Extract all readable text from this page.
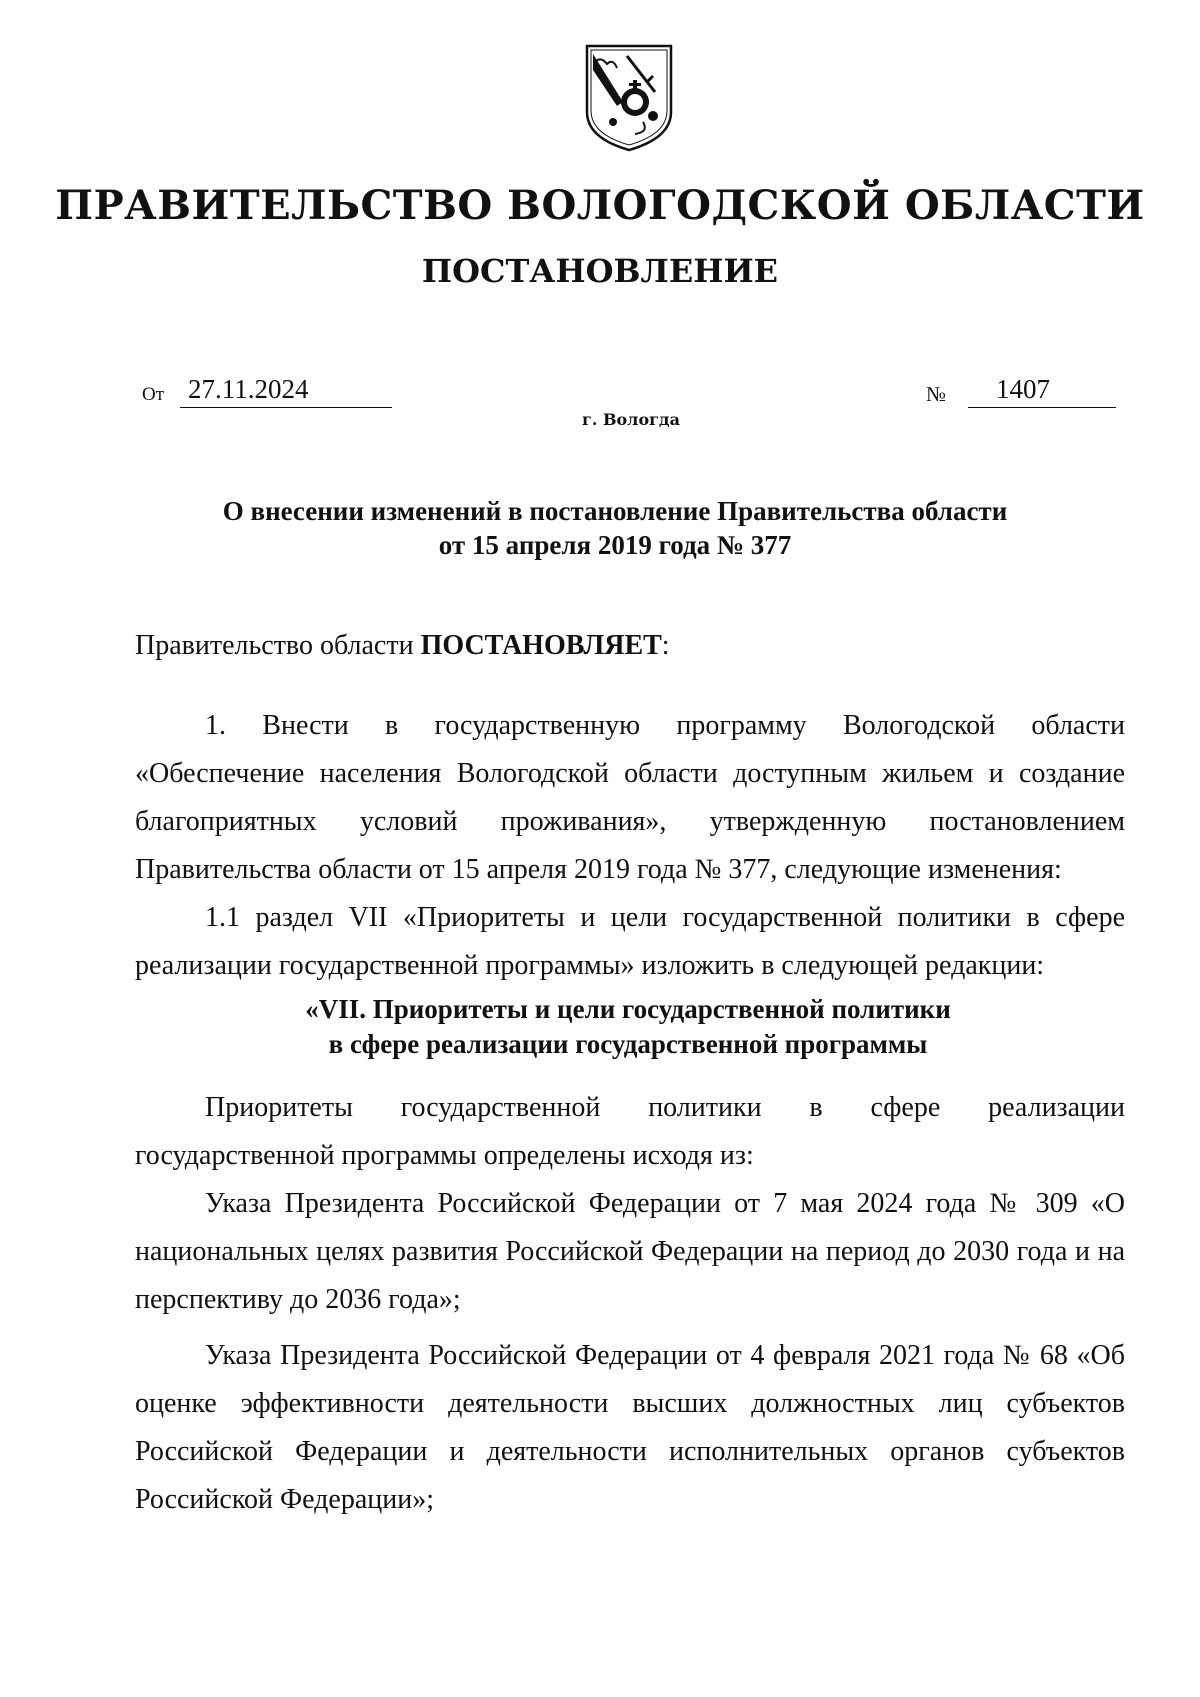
ПРАВИТЕЛЬСТВО ВОЛОГОДСКОЙ ОБЛАСТИ
ПОСТАНОВЛЕНИЕ
От 27.11.2024	№	1407
г. Вологда
О внесении изменений в постановление Правительства области
от 15 апреля 2019 года № 377
Правительство области ПОСТАНОВЛЯЕТ:

1. Внести в государственную программу Вологодской области «Обеспечение населения Вологодской области доступным жильем и создание благоприятных условий проживания», утвержденную постановлением Правительства области от 15 апреля 2019 года № 377, следующие изменения:

1.1 раздел VII «Приоритеты и цели государственной политики в сфере реализации государственной программы» изложить в следующей редакции:

«VII. Приоритеты и цели государственной политики
в сфере реализации государственной программы

Приоритеты государственной политики в сфере реализации государственной программы определены исходя из:

Указа Президента Российской Федерации от 7 мая 2024 года № 309 «О национальных целях развития Российской Федерации на период до 2030 года и на перспективу до 2036 года»;

Указа Президента Российской Федерации от 4 февраля 2021 года № 68 «Об оценке эффективности деятельности высших должностных лиц субъектов Российской Федерации и деятельности исполнительных органов субъектов Российской Федерации»;
